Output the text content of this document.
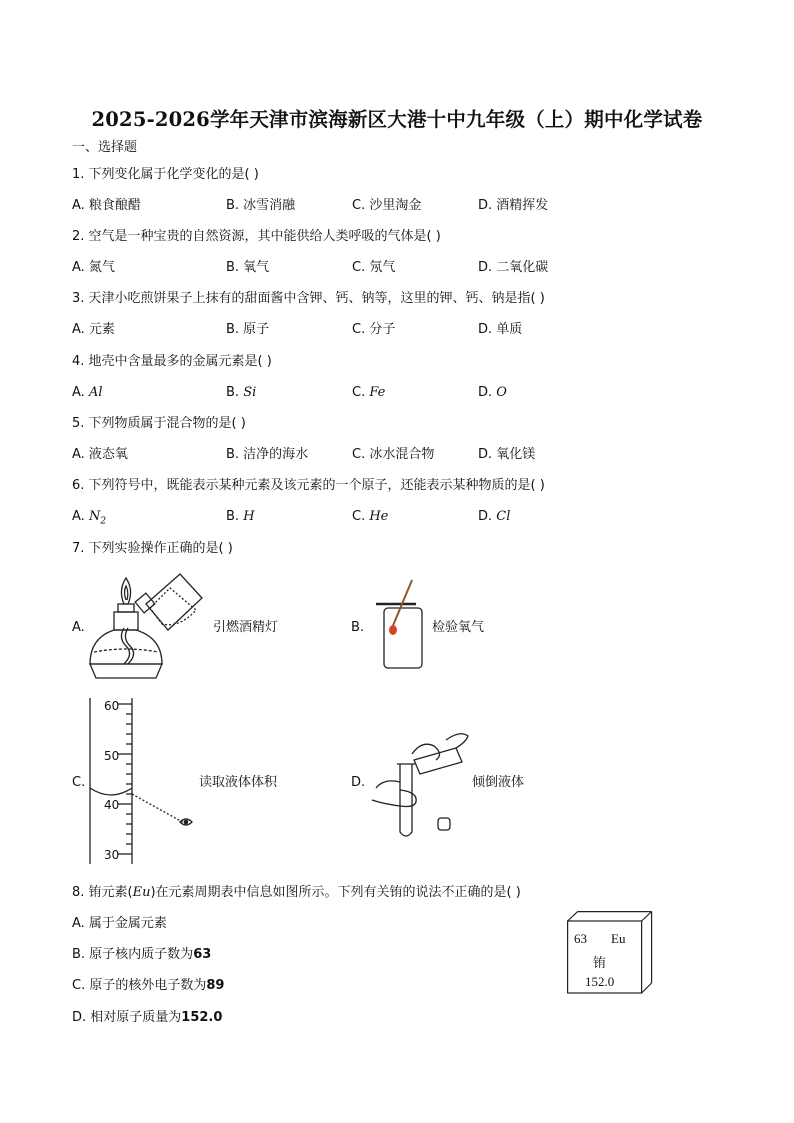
2025-2026学年天津市滨海新区大港十中九年级（上）期中化学试卷
一、选择题
1. 下列变化属于化学变化的是( )
A. 粮食酿醋	B. 冰雪消融	C. 沙里淘金	D. 酒精挥发
2. 空气是一种宝贵的自然资源，其中能供给人类呼吸的气体是( )
A. 氮气	B. 氧气	C. 氖气	D. 二氧化碳
3. 天津小吃煎饼果子上抹有的甜面酱中含钾、钙、钠等，这里的钾、钙、钠是指( )
A. 元素	B. 原子	C. 分子	D. 单质
4. 地壳中含量最多的金属元素是( )
A. Al	B. Si	C. Fe	D. O
5. 下列物质属于混合物的是( )
A. 液态氧	B. 洁净的海水	C. 冰水混合物	D. 氧化镁
6. 下列符号中，既能表示某种元素及该元素的一个原子，还能表示某种物质的是( )
A. $N_2$	B. H	C. He	D. Cl
7. 下列实验操作正确的是( )
A.	引燃酒精灯	B.	检验氧气
C.
60
50
40
30
读取液体体积	D.	倾倒液体
8. 铕元素(Eu)在元素周期表中信息如图所示。下列有关铕的说法不正确的是( )
A. 属于金属元素
B. 原子核内质子数为63
C. 原子的核外电子数为89
D. 相对原子质量为152.0
63 Eu
铕
152.0
